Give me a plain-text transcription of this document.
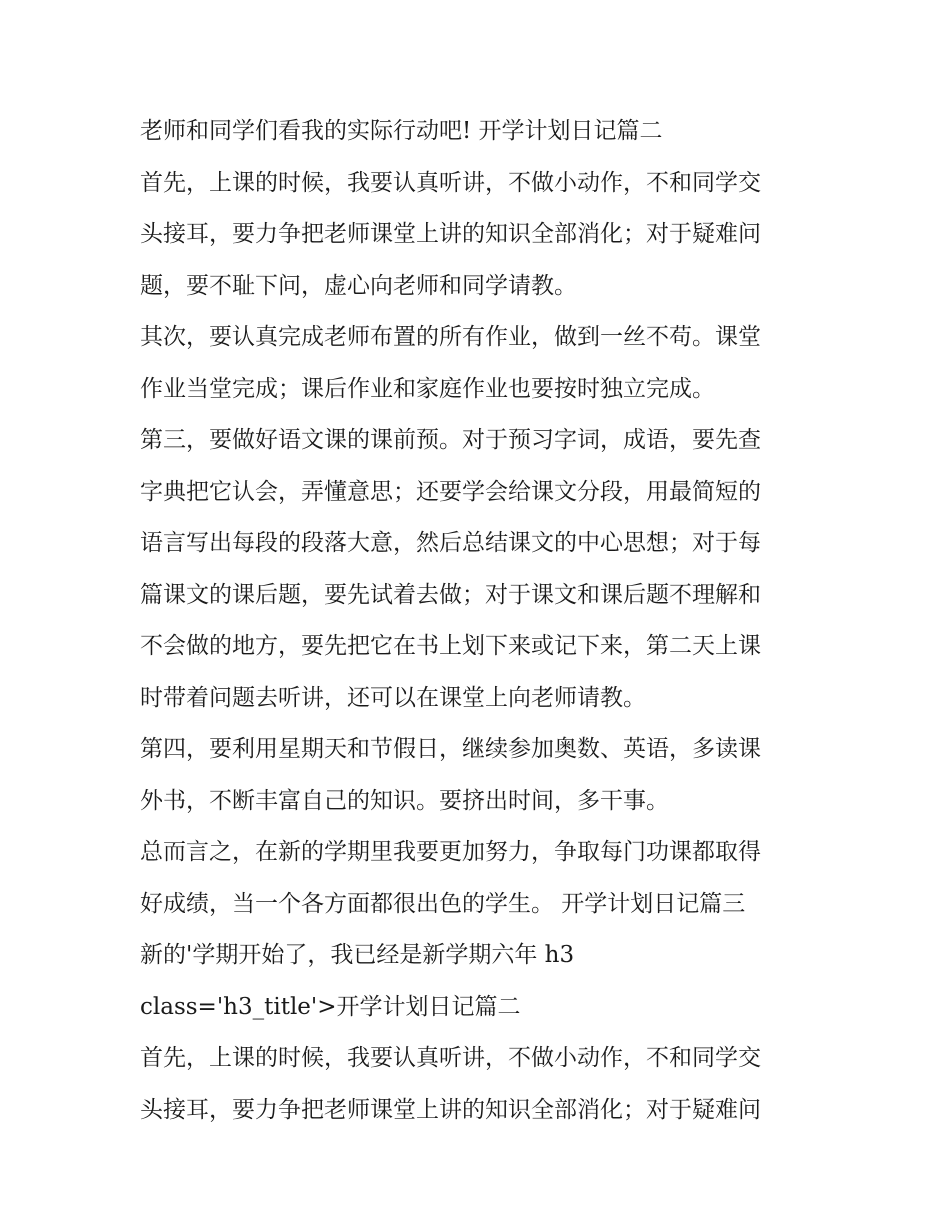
老师和同学们看我的实际行动吧! 开学计划日记篇二
首先，上课的时候，我要认真听讲，不做小动作，不和同学交
头接耳，要力争把老师课堂上讲的知识全部消化；对于疑难问
题，要不耻下问，虚心向老师和同学请教。
其次，要认真完成老师布置的所有作业，做到一丝不苟。课堂
作业当堂完成；课后作业和家庭作业也要按时独立完成。
第三，要做好语文课的课前预。对于预习字词，成语，要先查
字典把它认会，弄懂意思；还要学会给课文分段，用最简短的
语言写出每段的段落大意，然后总结课文的中心思想；对于每
篇课文的课后题，要先试着去做；对于课文和课后题不理解和
不会做的地方，要先把它在书上划下来或记下来，第二天上课
时带着问题去听讲，还可以在课堂上向老师请教。
第四，要利用星期天和节假日，继续参加奥数、英语，多读课
外书，不断丰富自己的知识。要挤出时间，多干事。
总而言之，在新的学期里我要更加努力，争取每门功课都取得
好成绩，当一个各方面都很出色的学生。 开学计划日记篇三
新的'学期开始了，我已经是新学期六年 h3
class='h3_title'>开学计划日记篇二
首先，上课的时候，我要认真听讲，不做小动作，不和同学交
头接耳，要力争把老师课堂上讲的知识全部消化；对于疑难问
